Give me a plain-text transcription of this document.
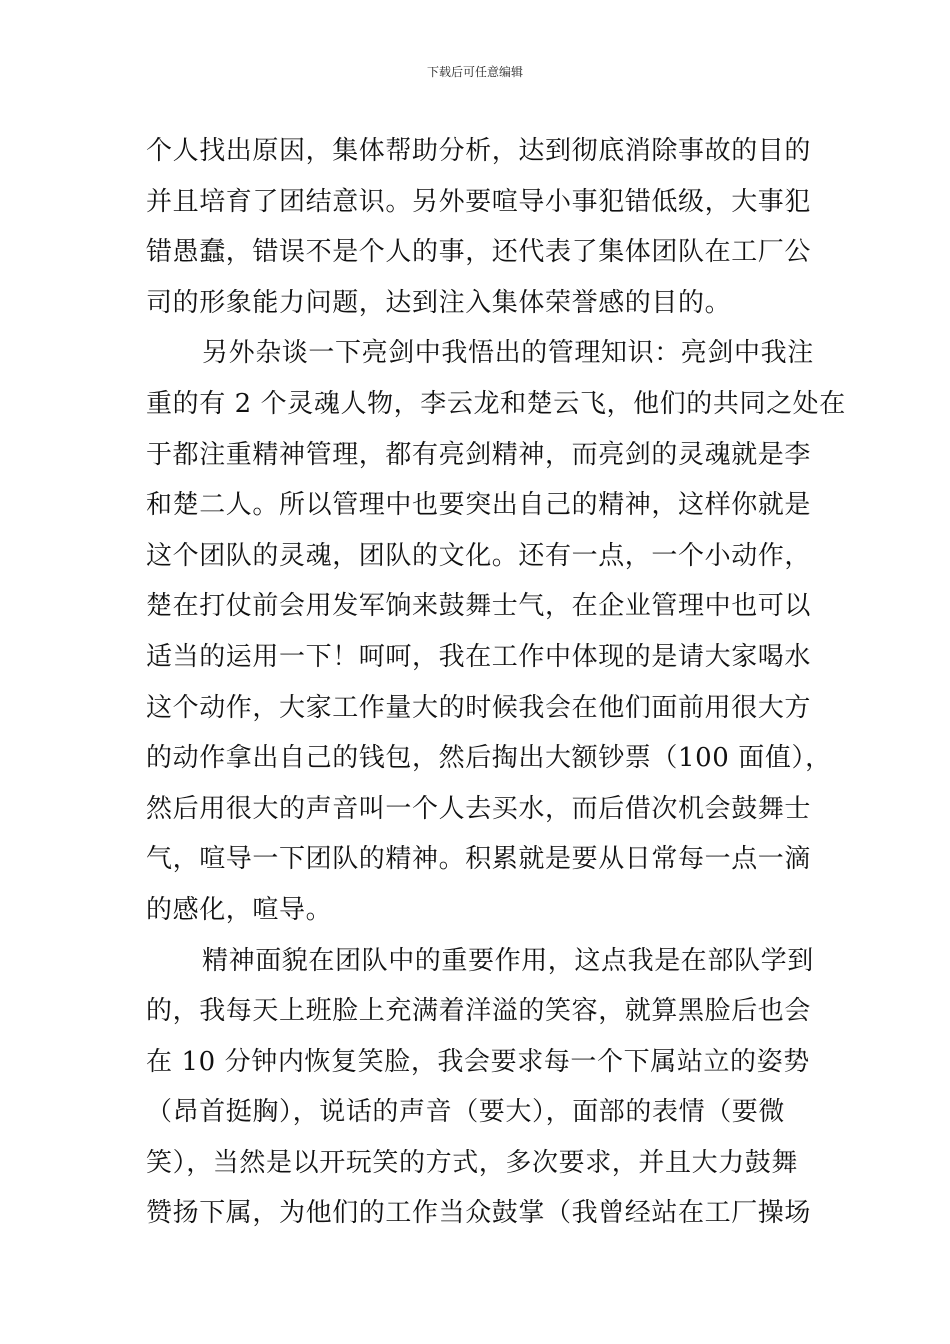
下载后可任意编辑

个人找出原因，集体帮助分析，达到彻底消除事故的目的
并且培育了团结意识。另外要喧导小事犯错低级，大事犯
错愚蠢，错误不是个人的事，还代表了集体团队在工厂公
司的形象能力问题，达到注入集体荣誉感的目的。

另外杂谈一下亮剑中我悟出的管理知识：亮剑中我注
重的有 2 个灵魂人物，李云龙和楚云飞，他们的共同之处在
于都注重精神管理，都有亮剑精神，而亮剑的灵魂就是李
和楚二人。所以管理中也要突出自己的精神，这样你就是
这个团队的灵魂，团队的文化。还有一点，一个小动作，
楚在打仗前会用发军饷来鼓舞士气，在企业管理中也可以
适当的运用一下！呵呵，我在工作中体现的是请大家喝水
这个动作，大家工作量大的时候我会在他们面前用很大方
的动作拿出自己的钱包，然后掏出大额钞票（100 面值），
然后用很大的声音叫一个人去买水，而后借次机会鼓舞士
气，喧导一下团队的精神。积累就是要从日常每一点一滴
的感化，喧导。

精神面貌在团队中的重要作用，这点我是在部队学到
的，我每天上班脸上充满着洋溢的笑容，就算黑脸后也会
在 10 分钟内恢复笑脸，我会要求每一个下属站立的姿势
（昂首挺胸），说话的声音（要大），面部的表情（要微
笑），当然是以开玩笑的方式，多次要求，并且大力鼓舞
赞扬下属，为他们的工作当众鼓掌（我曾经站在工厂操场
